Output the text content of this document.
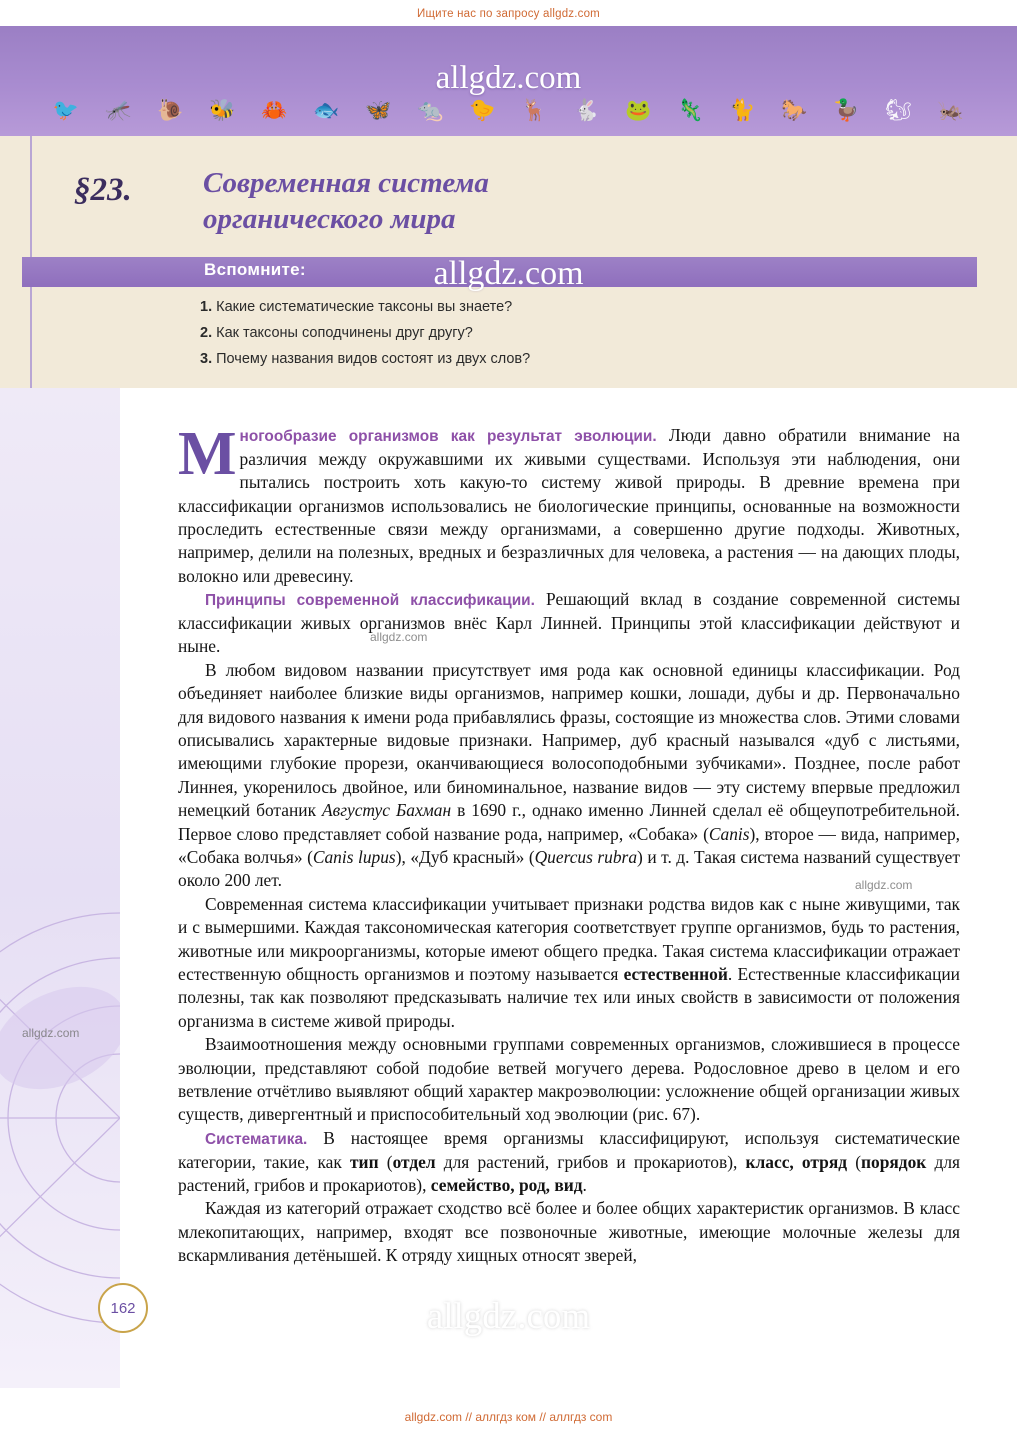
Ищите нас по запросу allgdz.com
allgdz.com
🐦 🦟 🐌 🐝 🦀 🐟 🦋 🐀 🐤 🦌 🐇 🐸 🦎 🐈 🐎 🦆 🐿 🦗
§23. Современная система
органического мира
Вспомните:
1. Какие систематические таксоны вы знаете?
2. Как таксоны соподчинены друг другу?
3. Почему названия видов состоят из двух слов?

Многообразие организмов как результат эволюции. Люди давно обратили внимание на различия между окружавшими их живыми существами. Используя эти наблюдения, они пытались построить хоть какую-то систему живой природы. В древние времена при классификации организмов использовались не биологические принципы, основанные на возможности проследить естественные связи между организмами, а совершенно другие подходы. Животных, например, делили на полезных, вредных и безразличных для человека, а растения — на дающих плоды, волокно или древесину.

Принципы современной классификации. Решающий вклад в создание современной системы классификации живых организмов внёс Карл Линней. Принципы этой классификации действуют и ныне.

В любом видовом названии присутствует имя рода как основной единицы классификации. Род объединяет наиболее близкие виды организмов, например кошки, лошади, дубы и др. Первоначально для видового названия к имени рода прибавлялись фразы, состоящие из множества слов. Этими словами описывались характерные видовые признаки. Например, дуб красный назывался «дуб с листьями, имеющими глубокие прорези, оканчивающиеся волосоподобными зубчиками». Позднее, после работ Линнея, укоренилось двойное, или биноминальное, название видов — эту систему впервые предложил немецкий ботаник Августус Бахман в 1690 г., однако именно Линней сделал её общеупотребительной. Первое слово представляет собой название рода, например, «Собака» (Canis), второе — вида, например, «Собака волчья» (Canis lupus), «Дуб красный» (Quercus rubra) и т. д. Такая система названий существует около 200 лет.

Современная система классификации учитывает признаки родства видов как с ныне живущими, так и с вымершими. Каждая таксономическая категория соответствует группе организмов, будь то растения, животные или микроорганизмы, которые имеют общего предка. Такая система классификации отражает естественную общность организмов и поэтому называется естественной. Естественные классификации полезны, так как позволяют предсказывать наличие тех или иных свойств в зависимости от положения организма в системе живой природы.

Взаимоотношения между основными группами современных организмов, сложившиеся в процессе эволюции, представляют собой подобие ветвей могучего дерева. Родословное древо в целом и его ветвление отчётливо выявляют общий характер макроэволюции: усложнение общей организации живых существ, дивергентный и приспособительный ход эволюции (рис. 67).

Систематика. В настоящее время организмы классифицируют, используя систематические категории, такие, как тип (отдел для растений, грибов и прокариотов), класс, отряд (порядок для растений, грибов и прокариотов), семейство, род, вид.

Каждая из категорий отражает сходство всё более и более общих характеристик организмов. В класс млекопитающих, например, входят все позвоночные животные, имеющие молочные железы для вскармливания детёнышей. К отряду хищных относят зверей,

162
allgdz.com
allgdz.com
allgdz.com
allgdz.com
allgdz.com
allgdz.com // аллгдз ком // аллгдз com
